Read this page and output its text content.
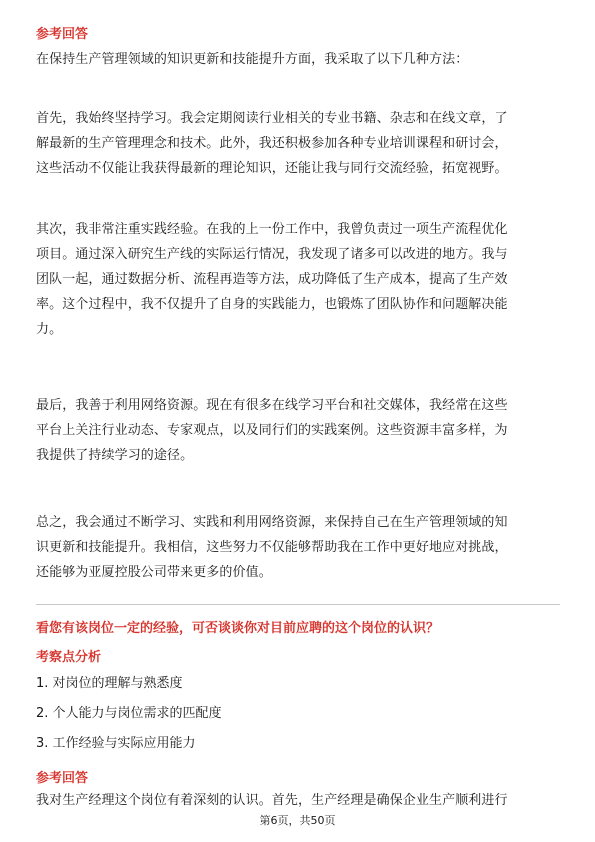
参考回答
在保持生产管理领域的知识更新和技能提升方面，我采取了以下几种方法：
首先，我始终坚持学习。我会定期阅读行业相关的专业书籍、杂志和在线文章，了
解最新的生产管理理念和技术。此外，我还积极参加各种专业培训课程和研讨会，
这些活动不仅能让我获得最新的理论知识，还能让我与同行交流经验，拓宽视野。
其次，我非常注重实践经验。在我的上一份工作中，我曾负责过一项生产流程优化
项目。通过深入研究生产线的实际运行情况，我发现了诸多可以改进的地方。我与
团队一起，通过数据分析、流程再造等方法，成功降低了生产成本，提高了生产效
率。这个过程中，我不仅提升了自身的实践能力，也锻炼了团队协作和问题解决能
力。
最后，我善于利用网络资源。现在有很多在线学习平台和社交媒体，我经常在这些
平台上关注行业动态、专家观点，以及同行们的实践案例。这些资源丰富多样，为
我提供了持续学习的途径。
总之，我会通过不断学习、实践和利用网络资源，来保持自己在生产管理领域的知
识更新和技能提升。我相信，这些努力不仅能够帮助我在工作中更好地应对挑战，
还能够为亚厦控股公司带来更多的价值。
看您有该岗位一定的经验，可否谈谈你对目前应聘的这个岗位的认识？
考察点分析
1. 对岗位的理解与熟悉度
2. 个人能力与岗位需求的匹配度
3. 工作经验与实际应用能力
参考回答
我对生产经理这个岗位有着深刻的认识。首先，生产经理是确保企业生产顺利进行
第6页，共50页
